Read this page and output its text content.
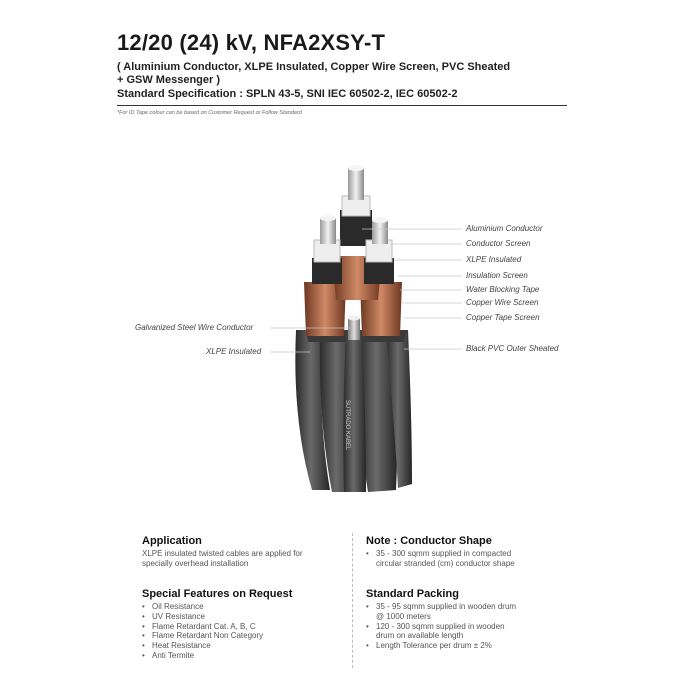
12/20 (24) kV, NFA2XSY-T
( Aluminium Conductor, XLPE Insulated, Copper Wire Screen, PVC Sheated
+ GSW Messenger )
Standard Specification : SPLN 43-5, SNI IEC 60502-2, IEC 60502-2
*For ID Tape colour can be based on Customer Request or Follow Standard
SUTRADO KABEL
Aluminium Conductor
Conductor Screen
XLPE Insulated
Insulation Screen
Water Blocking Tape
Copper Wire Screen
Copper Tape Screen
Black PVC Outer Sheated
Galvanized Steel Wire Conductor
XLPE Insulated
Application
XLPE insulated twisted cables are applied for
specially overhead installation
Note : Conductor Shape
• 35 - 300 sqmm supplied in compacted
circular stranded (cm) conductor shape
Special Features on Request
• Oil Resistance
• UV Resistance
• Flame Retardant Cat. A, B, C
• Flame Retardant Non Category
• Heat Resistance
• Anti Termite
Standard Packing
• 35 - 95 sqmm supplied in wooden drum
@ 1000 meters
• 120 - 300 sqmm supplied in wooden
drum on available length
• Length Tolerance per drum ± 2%
